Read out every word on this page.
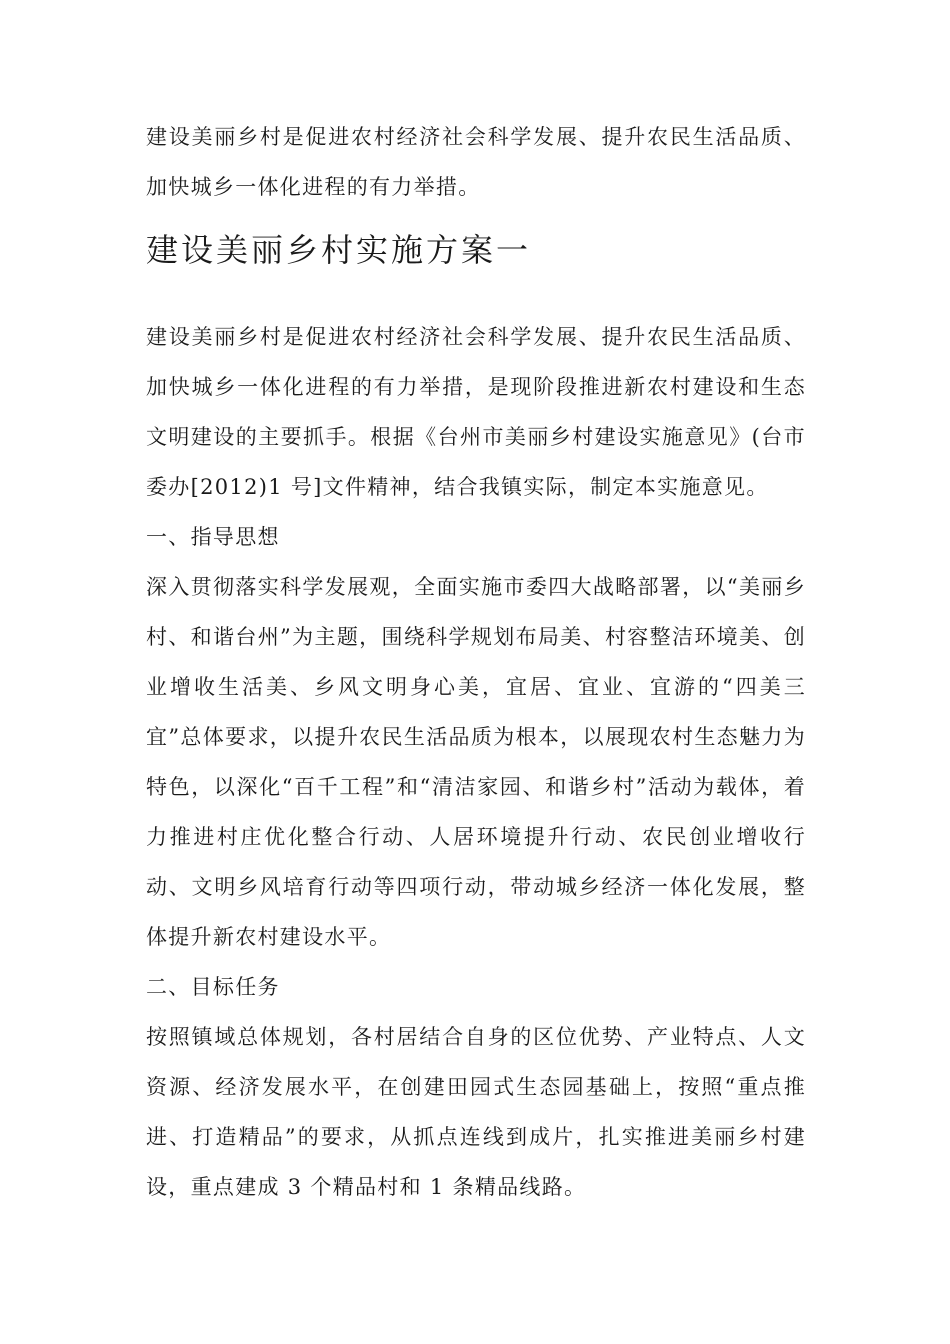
建设美丽乡村是促进农村经济社会科学发展、提升农民生活品质、加快城乡一体化进程的有力举措。

建设美丽乡村实施方案一

建设美丽乡村是促进农村经济社会科学发展、提升农民生活品质、加快城乡一体化进程的有力举措，是现阶段推进新农村建设和生态文明建设的主要抓手。根据《台州市美丽乡村建设实施意见》(台市委办[2012)1 号]文件精神，结合我镇实际，制定本实施意见。

一、指导思想

深入贯彻落实科学发展观，全面实施市委四大战略部署，以“美丽乡村、和谐台州”为主题，围绕科学规划布局美、村容整洁环境美、创业增收生活美、乡风文明身心美，宜居、宜业、宜游的“四美三宜”总体要求，以提升农民生活品质为根本，以展现农村生态魅力为特色，以深化“百千工程”和“清洁家园、和谐乡村”活动为载体，着力推进村庄优化整合行动、人居环境提升行动、农民创业增收行动、文明乡风培育行动等四项行动，带动城乡经济一体化发展，整体提升新农村建设水平。

二、目标任务

按照镇域总体规划，各村居结合自身的区位优势、产业特点、人文资源、经济发展水平，在创建田园式生态园基础上，按照“重点推进、打造精品”的要求，从抓点连线到成片，扎实推进美丽乡村建设，重点建成 3 个精品村和 1 条精品线路。
